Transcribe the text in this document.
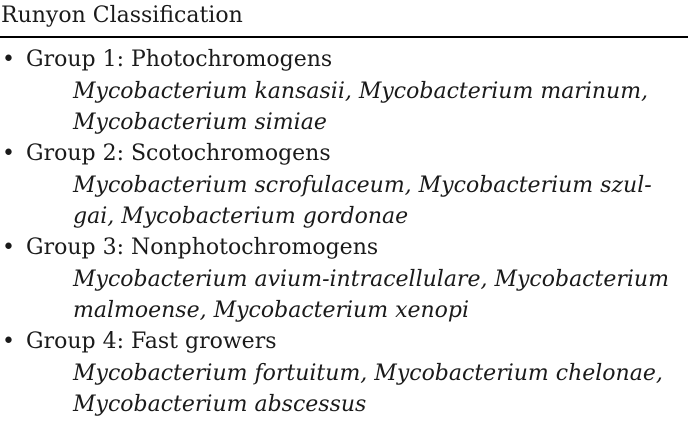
Runyon Classification
• Group 1: Photochromogens
Mycobacterium kansasii, Mycobacterium marinum,
Mycobacterium simiae
• Group 2: Scotochromogens
Mycobacterium scrofulaceum, Mycobacterium szul-
gai, Mycobacterium gordonae
• Group 3: Nonphotochromogens
Mycobacterium avium-intracellulare, Mycobacterium
malmoense, Mycobacterium xenopi
• Group 4: Fast growers
Mycobacterium fortuitum, Mycobacterium chelonae,
Mycobacterium abscessus
